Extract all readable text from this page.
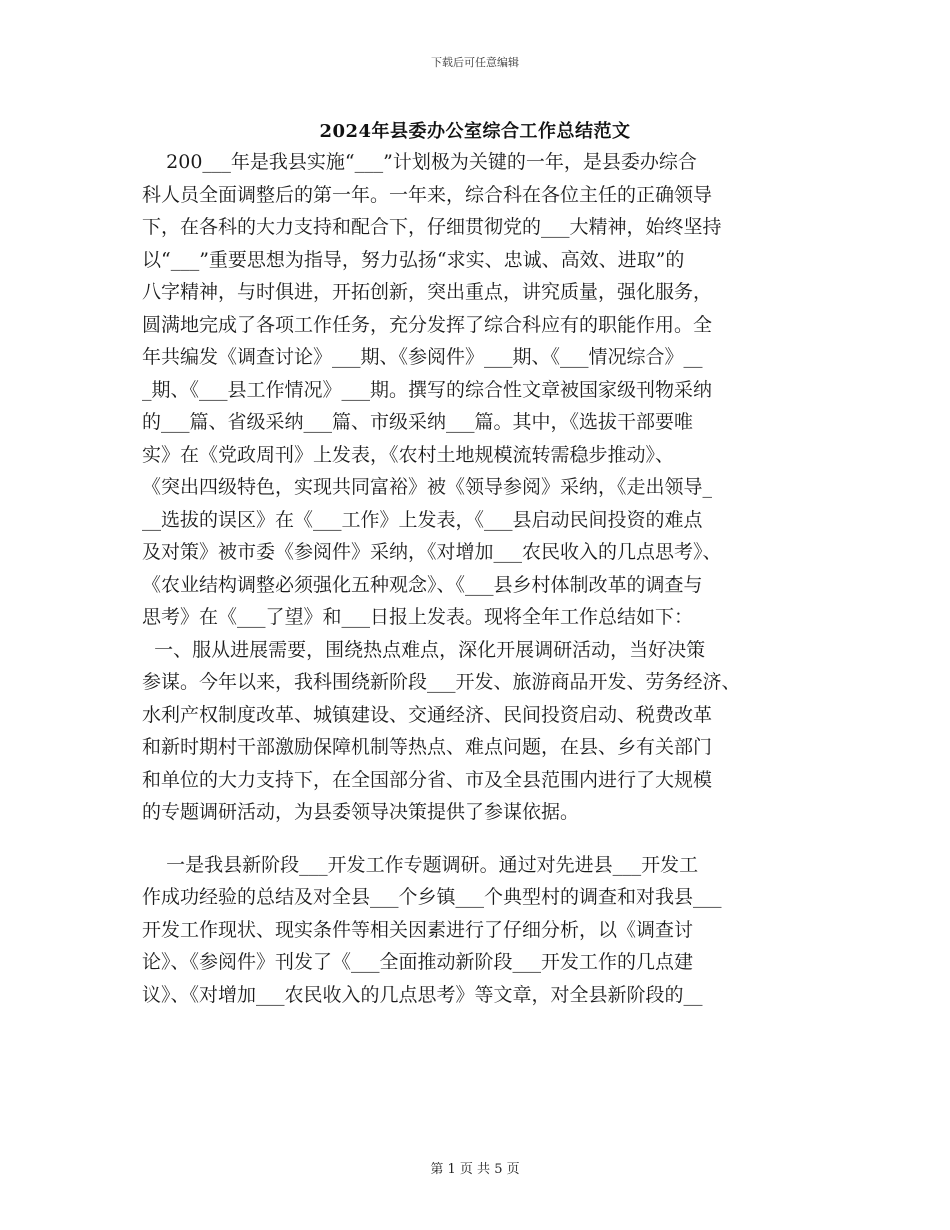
下载后可任意编辑
2024年县委办公室综合工作总结范文
200___年是我县实施“___”计划极为关键的一年，是县委办综合
科人员全面调整后的第一年。一年来，综合科在各位主任的正确领导
下，在各科的大力支持和配合下，仔细贯彻党的___大精神，始终坚持
以“___”重要思想为指导，努力弘扬“求实、忠诚、高效、进取”的
八字精神，与时俱进，开拓创新，突出重点，讲究质量，强化服务，
圆满地完成了各项工作任务，充分发挥了综合科应有的职能作用。全
年共编发《调查讨论》___期、《参阅件》___期、《___情况综合》__
_期、《___县工作情况》___期。撰写的综合性文章被国家级刊物采纳
的___篇、省级采纳___篇、市级采纳___篇。其中，《选拔干部要唯
实》在《党政周刊》上发表，《农村土地规模流转需稳步推动》、
《突出四级特色，实现共同富裕》被《领导参阅》采纳，《走出领导_
__选拔的误区》在《___工作》上发表，《___县启动民间投资的难点
及对策》被市委《参阅件》采纳，《对增加___农民收入的几点思考》、
《农业结构调整必须强化五种观念》、《___县乡村体制改革的调查与
思考》在《___了望》和___日报上发表。现将全年工作总结如下：
一、服从进展需要，围绕热点难点，深化开展调研活动，当好决策
参谋。今年以来，我科围绕新阶段___开发、旅游商品开发、劳务经济、
水利产权制度改革、城镇建设、交通经济、民间投资启动、税费改革
和新时期村干部激励保障机制等热点、难点问题，在县、乡有关部门
和单位的大力支持下，在全国部分省、市及全县范围内进行了大规模
的专题调研活动，为县委领导决策提供了参谋依据。
一是我县新阶段___开发工作专题调研。通过对先进县___开发工
作成功经验的总结及对全县___个乡镇___个典型村的调查和对我县___
开发工作现状、现实条件等相关因素进行了仔细分析，以《调查讨
论》、《参阅件》刊发了《___全面推动新阶段___开发工作的几点建
议》、《对增加___农民收入的几点思考》等文章，对全县新阶段的__
第 1 页 共 5 页
